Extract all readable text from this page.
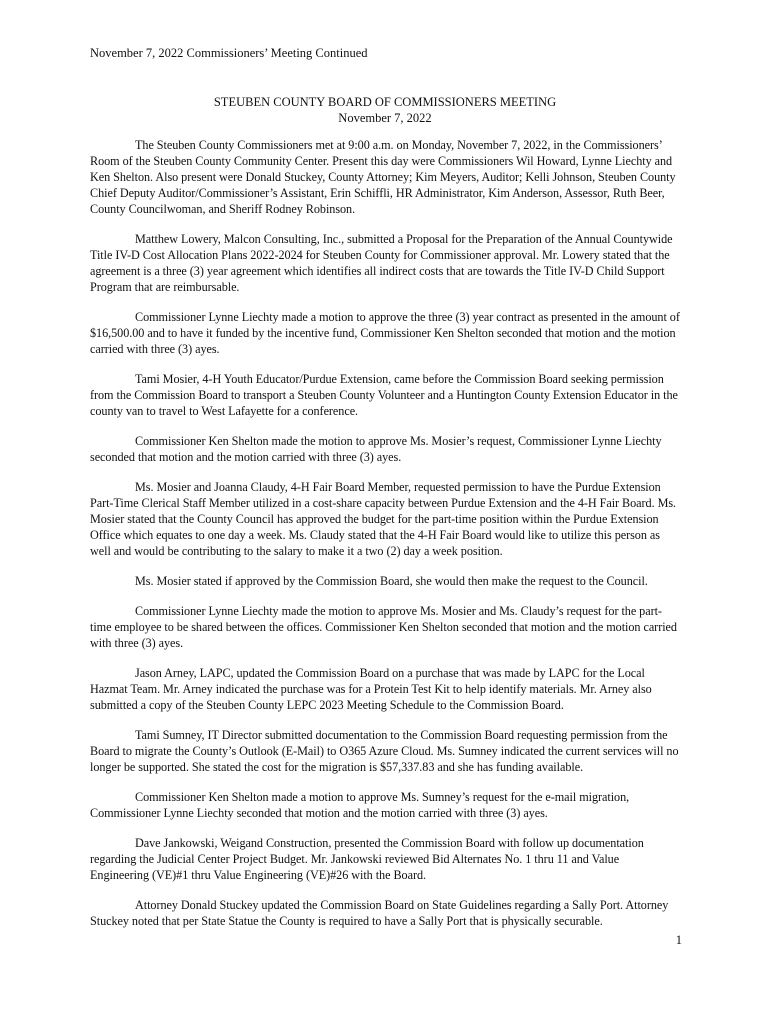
November 7, 2022 Commissioners’ Meeting Continued
STEUBEN COUNTY BOARD OF COMMISSIONERS MEETING
November 7, 2022

The Steuben County Commissioners met at 9:00 a.m. on Monday, November 7, 2022, in the Commissioners’ Room of the Steuben County Community Center. Present this day were Commissioners Wil Howard, Lynne Liechty and Ken Shelton. Also present were Donald Stuckey, County Attorney; Kim Meyers, Auditor; Kelli Johnson, Steuben County Chief Deputy Auditor/Commissioner’s Assistant, Erin Schiffli, HR Administrator, Kim Anderson, Assessor, Ruth Beer, County Councilwoman, and Sheriff Rodney Robinson.

Matthew Lowery, Malcon Consulting, Inc., submitted a Proposal for the Preparation of the Annual Countywide Title IV-D Cost Allocation Plans 2022-2024 for Steuben County for Commissioner approval. Mr. Lowery stated that the agreement is a three (3) year agreement which identifies all indirect costs that are towards the Title IV-D Child Support Program that are reimbursable.

Commissioner Lynne Liechty made a motion to approve the three (3) year contract as presented in the amount of $16,500.00 and to have it funded by the incentive fund, Commissioner Ken Shelton seconded that motion and the motion carried with three (3) ayes.

Tami Mosier, 4-H Youth Educator/Purdue Extension, came before the Commission Board seeking permission from the Commission Board to transport a Steuben County Volunteer and a Huntington County Extension Educator in the county van to travel to West Lafayette for a conference.

Commissioner Ken Shelton made the motion to approve Ms. Mosier’s request, Commissioner Lynne Liechty seconded that motion and the motion carried with three (3) ayes.

Ms. Mosier and Joanna Claudy, 4-H Fair Board Member, requested permission to have the Purdue Extension Part-Time Clerical Staff Member utilized in a cost-share capacity between Purdue Extension and the 4-H Fair Board. Ms. Mosier stated that the County Council has approved the budget for the part-time position within the Purdue Extension Office which equates to one day a week. Ms. Claudy stated that the 4-H Fair Board would like to utilize this person as well and would be contributing to the salary to make it a two (2) day a week position.

Ms. Mosier stated if approved by the Commission Board, she would then make the request to the Council.

Commissioner Lynne Liechty made the motion to approve Ms. Mosier and Ms. Claudy’s request for the part-time employee to be shared between the offices. Commissioner Ken Shelton seconded that motion and the motion carried with three (3) ayes.

Jason Arney, LAPC, updated the Commission Board on a purchase that was made by LAPC for the Local Hazmat Team. Mr. Arney indicated the purchase was for a Protein Test Kit to help identify materials. Mr. Arney also submitted a copy of the Steuben County LEPC 2023 Meeting Schedule to the Commission Board.

Tami Sumney, IT Director submitted documentation to the Commission Board requesting permission from the Board to migrate the County’s Outlook (E-Mail) to O365 Azure Cloud. Ms. Sumney indicated the current services will no longer be supported. She stated the cost for the migration is $57,337.83 and she has funding available.

Commissioner Ken Shelton made a motion to approve Ms. Sumney’s request for the e-mail migration, Commissioner Lynne Liechty seconded that motion and the motion carried with three (3) ayes.

Dave Jankowski, Weigand Construction, presented the Commission Board with follow up documentation regarding the Judicial Center Project Budget. Mr. Jankowski reviewed Bid Alternates No. 1 thru 11 and Value Engineering (VE)#1 thru Value Engineering (VE)#26 with the Board.

Attorney Donald Stuckey updated the Commission Board on State Guidelines regarding a Sally Port. Attorney Stuckey noted that per State Statue the County is required to have a Sally Port that is physically securable.

1
